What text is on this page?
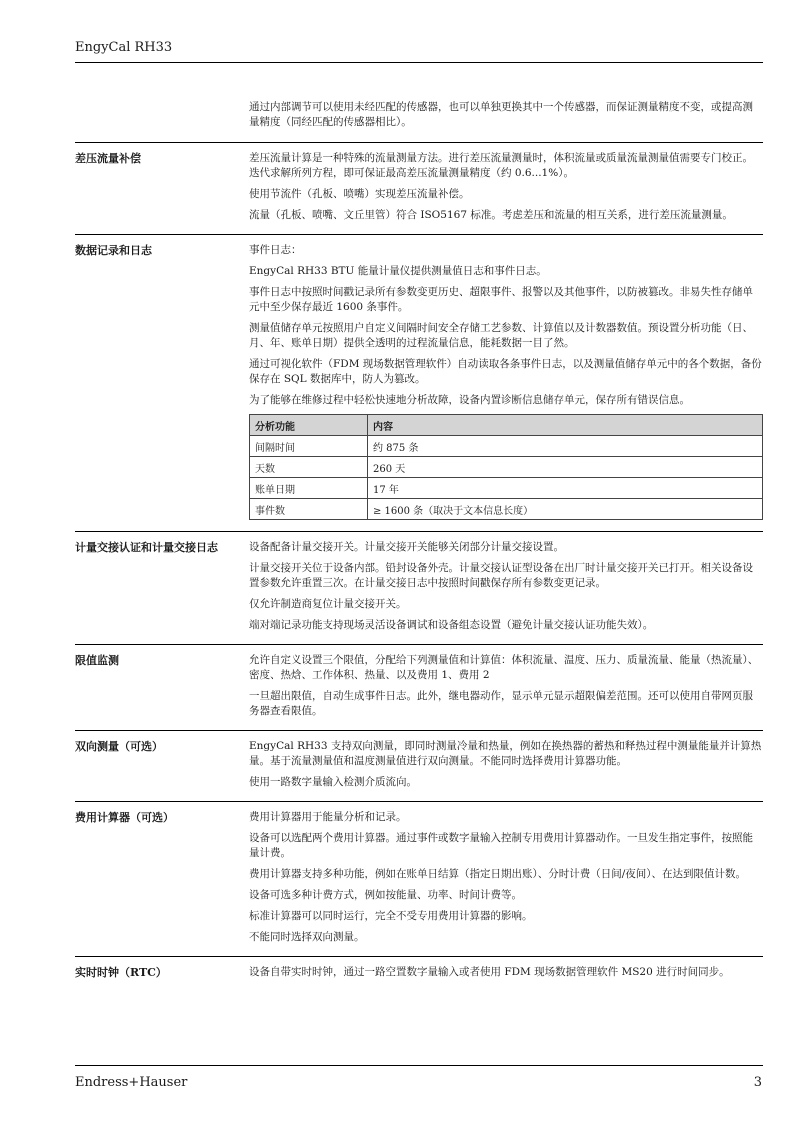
EngyCal RH33

通过内部调节可以使用未经匹配的传感器，也可以单独更换其中一个传感器，而保证测量精度不变，或提高测量精度（同经匹配的传感器相比）。

差压流量补偿	差压流量计算是一种特殊的流量测量方法。进行差压流量测量时，体积流量或质量流量测量值需要专门校正。迭代求解所列方程，即可保证最高差压流量测量精度（约 0.6...1%）。

使用节流件（孔板、喷嘴）实现差压流量补偿。

流量（孔板、喷嘴、文丘里管）符合 ISO5167 标准。考虑差压和流量的相互关系，进行差压流量测量。

数据记录和日志	事件日志：

EngyCal RH33 BTU 能量计量仪提供测量值日志和事件日志。

事件日志中按照时间戳记录所有参数变更历史、超限事件、报警以及其他事件，以防被篡改。非易失性存储单元中至少保存最近 1600 条事件。

测量值储存单元按照用户自定义间隔时间安全存储工艺参数、计算值以及计数器数值。预设置分析功能（日、月、年、账单日期）提供全透明的过程流量信息，能耗数据一目了然。

通过可视化软件（FDM 现场数据管理软件）自动读取各条事件日志，以及测量值储存单元中的各个数据，备份保存在 SQL 数据库中，防人为篡改。

为了能够在维修过程中轻松快速地分析故障，设备内置诊断信息储存单元，保存所有错误信息。

分析功能	内容
间隔时间	约 875 条
天数	260 天
账单日期	17 年
事件数	≥ 1600 条（取决于文本信息长度）
计量交接认证和计量交接日志	设备配备计量交接开关。计量交接开关能够关闭部分计量交接设置。

计量交接开关位于设备内部。铅封设备外壳。计量交接认证型设备在出厂时计量交接开关已打开。相关设备设置参数允许重置三次。在计量交接日志中按照时间戳保存所有参数变更记录。

仅允许制造商复位计量交接开关。

端对端记录功能支持现场灵活设备调试和设备组态设置（避免计量交接认证功能失效）。

限值监测	允许自定义设置三个限值，分配给下列测量值和计算值：体积流量、温度、压力、质量流量、能量（热流量）、密度、热焓、工作体积、热量、以及费用 1、费用 2

一旦超出限值，自动生成事件日志。此外，继电器动作，显示单元显示超限偏差范围。还可以使用自带网页服务器查看限值。

双向测量（可选）	EngyCal RH33 支持双向测量，即同时测量冷量和热量，例如在换热器的蓄热和释热过程中测量能量并计算热量。基于流量测量值和温度测量值进行双向测量。不能同时选择费用计算器功能。

使用一路数字量输入检测介质流向。

费用计算器（可选）	费用计算器用于能量分析和记录。

设备可以选配两个费用计算器。通过事件或数字量输入控制专用费用计算器动作。一旦发生指定事件，按照能量计费。

费用计算器支持多种功能，例如在账单日结算（指定日期出账）、分时计费（日间/夜间）、在达到限值计数。

设备可选多种计费方式，例如按能量、功率、时间计费等。

标准计算器可以同时运行，完全不受专用费用计算器的影响。

不能同时选择双向测量。

实时时钟（RTC）	设备自带实时时钟，通过一路空置数字量输入或者使用 FDM 现场数据管理软件 MS20 进行时间同步。

Endress+Hauser	3
